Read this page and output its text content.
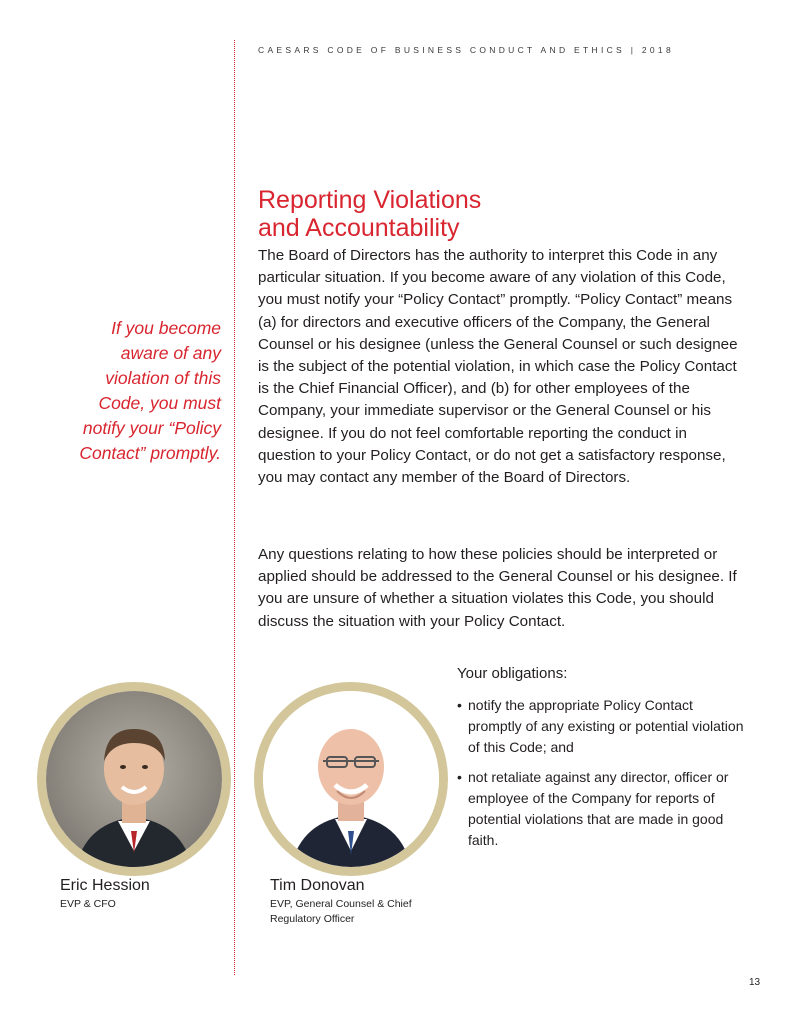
CAESARS CODE OF BUSINESS CONDUCT AND ETHICS | 2018
Reporting Violations
and Accountability

The Board of Directors has the authority to interpret this Code in any particular situation. If you become aware of any violation of this Code, you must notify your “Policy Contact” promptly. “Policy Contact” means (a) for directors and executive officers of the Company, the General Counsel or his designee (unless the General Counsel or such designee is the subject of the potential violation, in which case the Policy Contact is the Chief Financial Officer), and (b) for other employees of the Company, your immediate supervisor or the General Counsel or his designee. If you do not feel comfortable reporting the conduct in question to your Policy Contact, or do not get a satisfactory response, you may contact any member of the Board of Directors.

Any questions relating to how these policies should be interpreted or applied should be addressed to the General Counsel or his designee. If you are unsure of whether a situation violates this Code, you should discuss the situation with your Policy Contact.

If you become aware of any violation of this Code, you must notify your “Policy Contact” promptly.
Your obligations:
• notify the appropriate Policy Contact promptly of any existing or potential violation of this Code; and
• not retaliate against any director, officer or employee of the Company for reports of potential violations that are made in good faith.
Eric Hession
EVP & CFO
Tim Donovan
EVP, General Counsel & Chief Regulatory Officer
13
